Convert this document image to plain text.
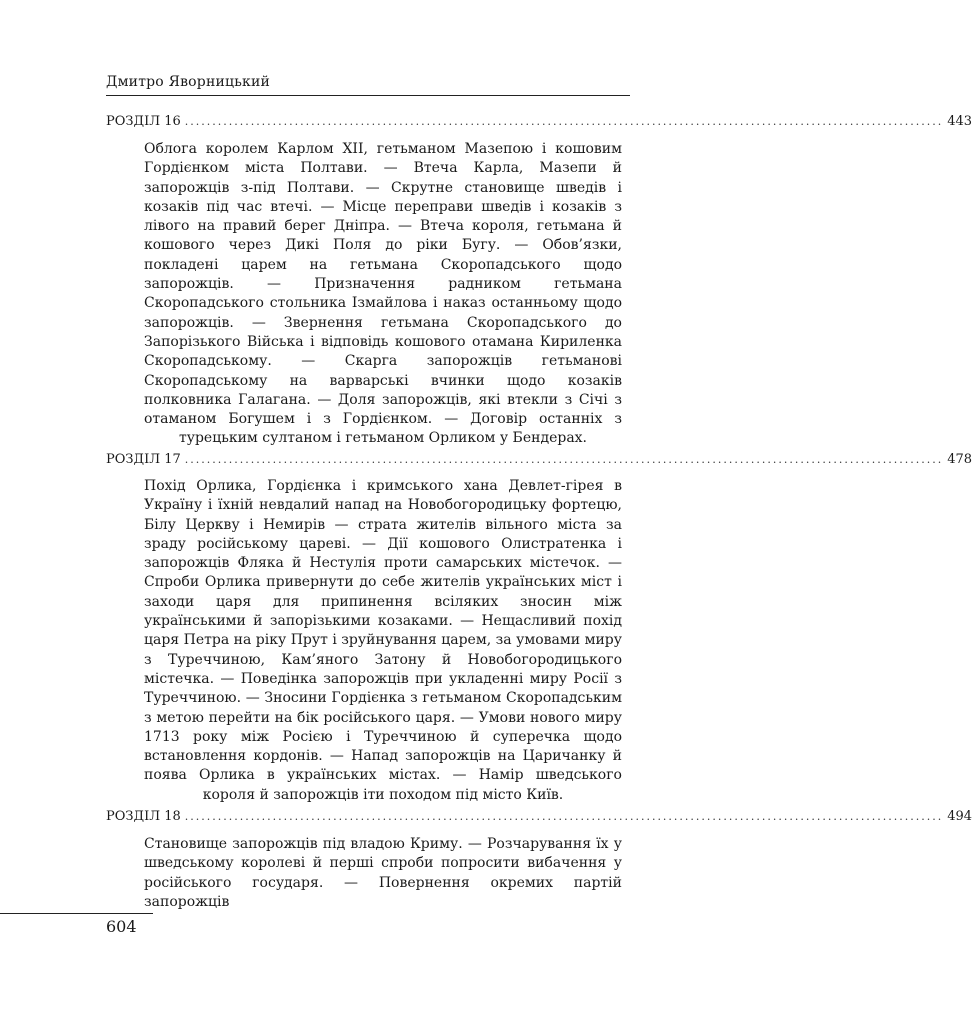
Дмитро Яворницький
РОЗДІЛ 16 .......................................................................................................................................... 443
Облога королем Карлом XII, гетьманом Мазепою і кошовим Гордієнком міста Полтави. — Втеча Карла, Мазепи й запорожців з-під Полтави. — Скрутне становище шведів і козаків під час втечі. — Місце переправи шведів і козаків з лівого на правий берег Дніпра. — Втеча короля, гетьмана й кошового через Дикі Поля до ріки Бугу. — Обов’язки, покладені царем на гетьмана Скоропадського щодо запорожців. — Призначення радником гетьмана Скоропадського стольника Ізмайлова і наказ останньому щодо запорожців. — Звернення гетьмана Скоропадського до Запорізького Війська і відповідь кошового отамана Кириленка Скоропадському. — Скарга запорожців гетьманові Скоропадському на варварські вчинки щодо козаків полковника Галагана. — Доля запорожців, які втекли з Січі з отаманом Богушем і з Гордієнком. — Договір останніх з турецьким султаном і гетьманом Орликом у Бендерах.
РОЗДІЛ 17 .......................................................................................................................................... 478
Похід Орлика, Гордієнка і кримського хана Девлет-гірея в Україну і їхній невдалий напад на Новобогородицьку фортецю, Білу Церкву і Немирів — страта жителів вільного міста за зраду російському цареві. — Дії кошового Олистратенка і запорожців Фляка й Нестулія проти самарських містечок. — Спроби Орлика привернути до себе жителів українських міст і заходи царя для припинення всіляких зносин між українськими й запорізькими козаками. — Нещасливий похід царя Петра на ріку Прут і зруйнування царем, за умовами миру з Туреччиною, Кам’яного Затону й Новобогородицького містечка. — Поведінка запорожців при укладенні миру Росії з Туреччиною. — Зносини Гордієнка з гетьманом Скоропадським з метою перейти на бік російського царя. — Умови нового миру 1713 року між Росією і Туреччиною й суперечка щодо встановлення кордонів. — Напад запорожців на Царичанку й поява Орлика в українських містах. — Намір шведського короля й запорожців іти походом під місто Київ.
РОЗДІЛ 18 .......................................................................................................................................... 494
Становище запорожців під владою Криму. — Розчарування їх у шведському королеві й перші спроби попросити вибачення у російського государя. — Повернення окремих партій запорожців
604
